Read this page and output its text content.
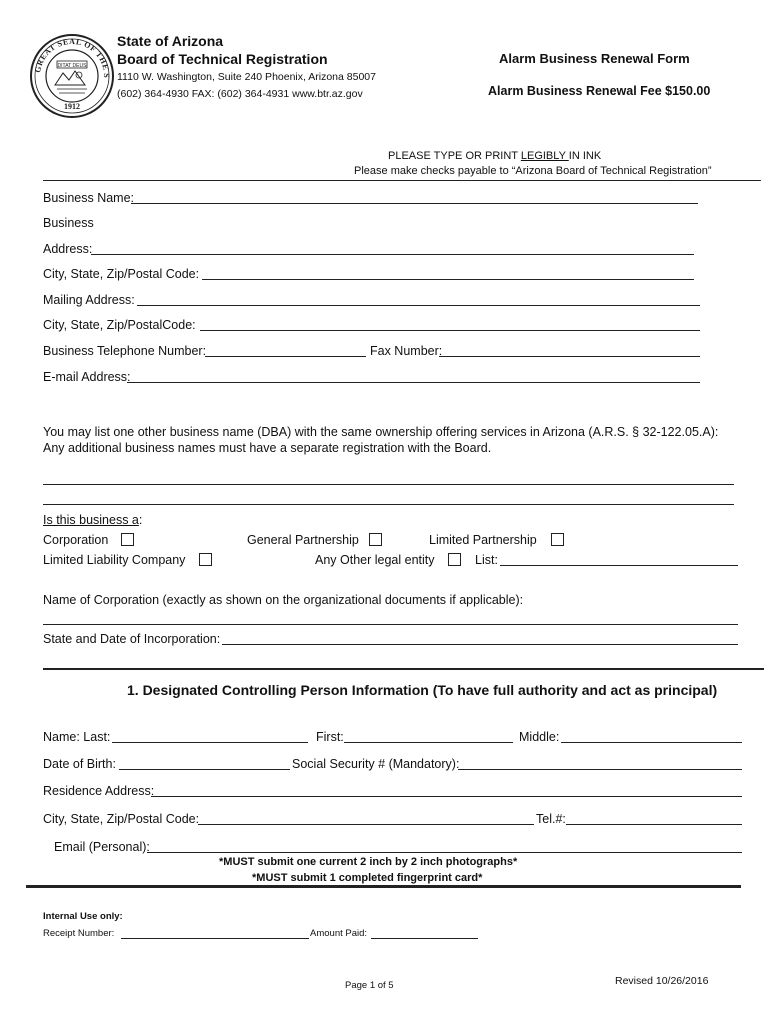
GREAT SEAL OF THE S
DITAT DEUS
1912
State of Arizona
Board of Technical Registration
1110 W. Washington, Suite 240 Phoenix, Arizona 85007
(602) 364-4930 FAX: (602) 364-4931 www.btr.az.gov
Alarm Business Renewal Form
Alarm Business Renewal Fee $150.00
PLEASE TYPE OR PRINT LEGIBLY IN INK
Please make checks payable to “Arizona Board of Technical Registration”
Business Name:
Business
Address:
City, State, Zip/Postal Code:
Mailing Address:
City, State, Zip/PostalCode:
Business Telephone Number:	Fax Number:
E-mail Address:
You may list one other business name (DBA) with the same ownership offering services in Arizona (A.R.S. § 32-122.05.A):
Any additional business names must have a separate registration with the Board.
Is this business a:
Corporation	General Partnership	Limited Partnership
Limited Liability Company	Any Other legal entity	List:
Name of Corporation (exactly as shown on the organizational documents if applicable):
State and Date of Incorporation:
1. Designated Controlling Person Information (To have full authority and act as principal)
Name: Last:	First:	Middle:
Date of Birth:	Social Security # (Mandatory):
Residence Address:
City, State, Zip/Postal Code:	Tel.#:
Email (Personal):
*MUST submit one current 2 inch by 2 inch photographs*
*MUST submit 1 completed fingerprint card*
Internal Use only:
Receipt Number:	Amount Paid:
Page 1 of 5	Revised 10/26/2016
